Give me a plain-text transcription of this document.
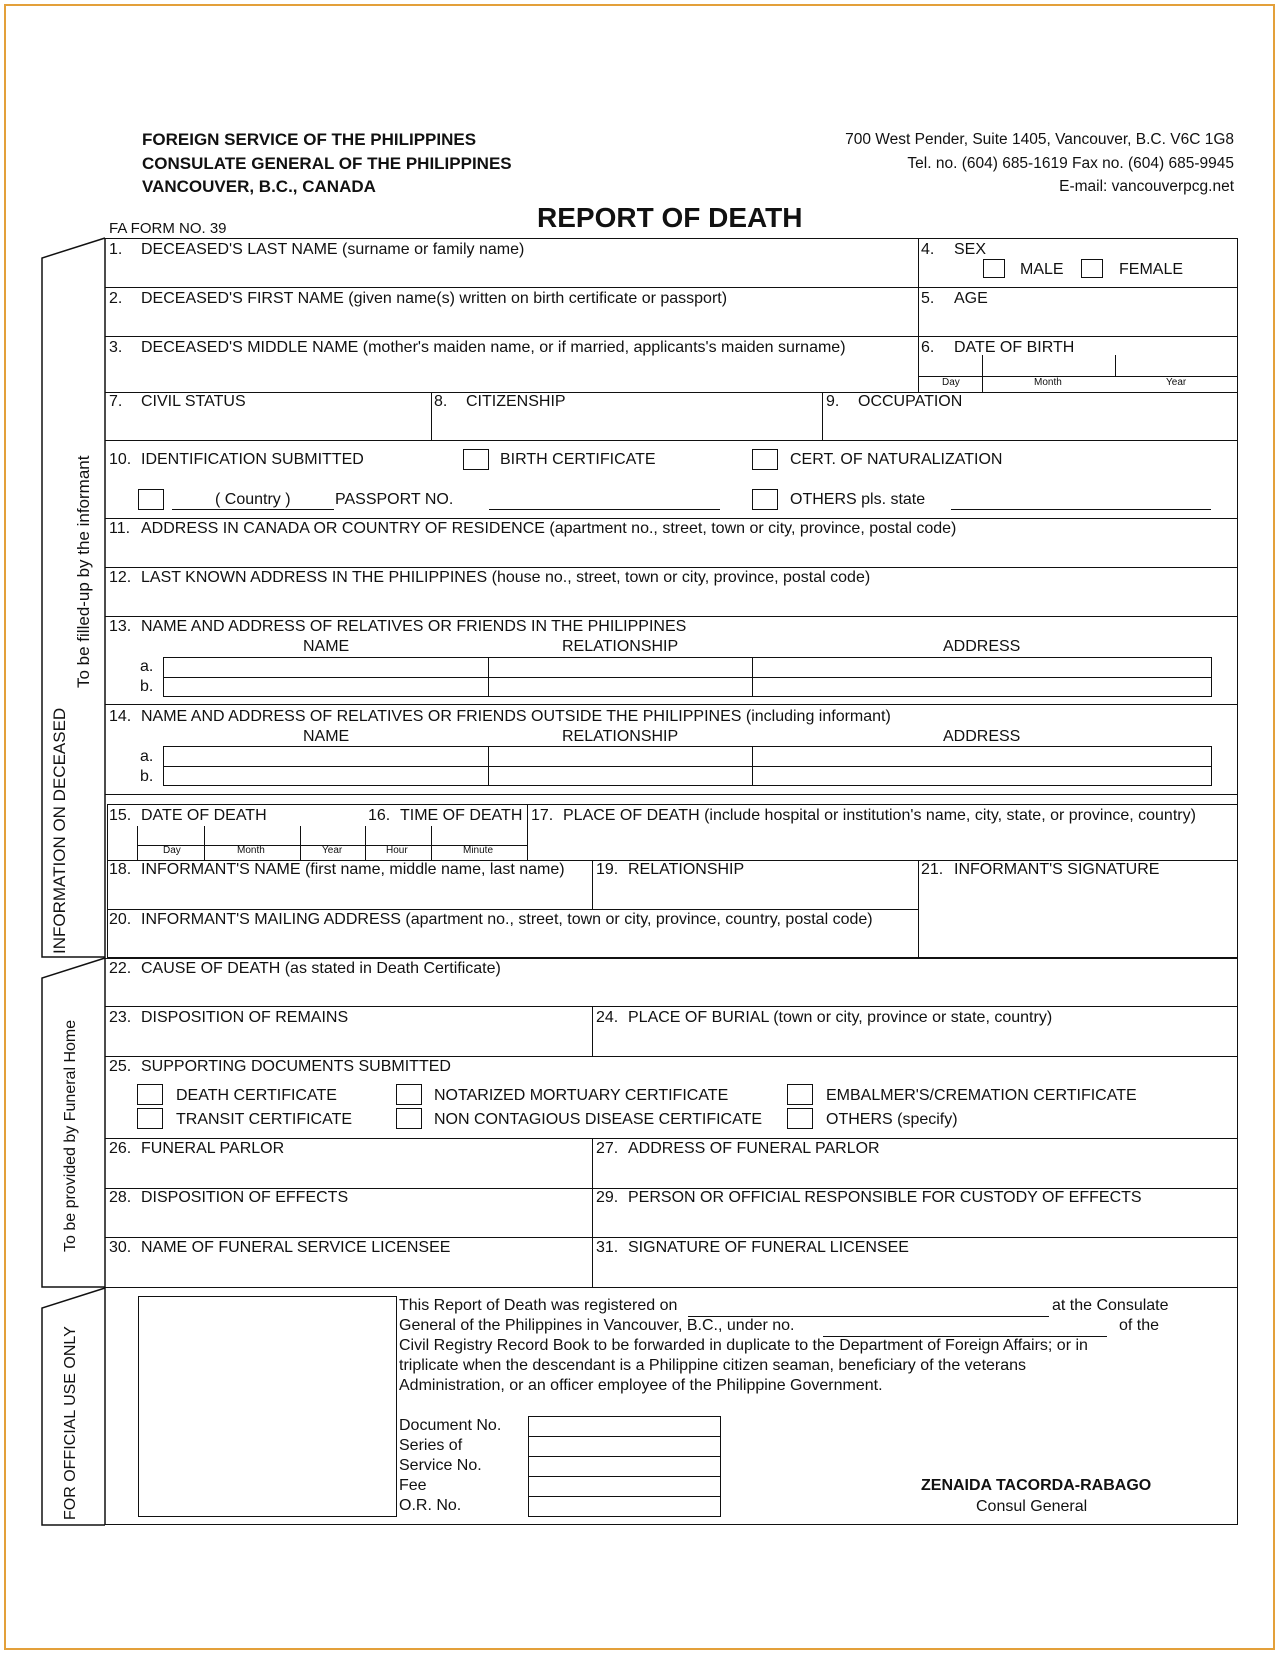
FOREIGN SERVICE OF THE PHILIPPINES
CONSULATE GENERAL OF THE PHILIPPINES
VANCOUVER, B.C., CANADA
700 West Pender, Suite 1405, Vancouver, B.C. V6C 1G8
Tel. no. (604) 685-1619 Fax no. (604) 685-9945
E-mail: vancouverpcg.net
FA FORM NO. 39	REPORT OF DEATH
INFORMATION ON DECEASED
To be filled-up by the informant
To be provided by Funeral Home
FOR OFFICIAL USE ONLY
1. DECEASED'S LAST NAME (surname or family name)	4. SEX
MALE	FEMALE
2. DECEASED'S FIRST NAME (given name(s) written on birth certificate or passport)	5. AGE
3. DECEASED'S MIDDLE NAME (mother's maiden name, or if married, applicants's maiden surname)	6. DATE OF BIRTH
Day	Month	Year
7. CIVIL STATUS	8. CITIZENSHIP	9. OCCUPATION
10. IDENTIFICATION SUBMITTED	BIRTH CERTIFICATE	CERT. OF NATURALIZATION
( Country )	PASSPORT NO.	OTHERS pls. state
11. ADDRESS IN CANADA OR COUNTRY OF RESIDENCE (apartment no., street, town or city, province, postal code)
12. LAST KNOWN ADDRESS IN THE PHILIPPINES (house no., street, town or city, province, postal code)
13. NAME AND ADDRESS OF RELATIVES OR FRIENDS IN THE PHILIPPINES
NAME	RELATIONSHIP	ADDRESS
a.
b.
14. NAME AND ADDRESS OF RELATIVES OR FRIENDS OUTSIDE THE PHILIPPINES (including informant)
NAME	RELATIONSHIP	ADDRESS
a.
b.
15. DATE OF DEATH	16. TIME OF DEATH 17. PLACE OF DEATH (include hospital or institution's name, city, state, or province, country)
Day	Month	Year	Hour	Minute
18. INFORMANT'S NAME (first name, middle name, last name) 19. RELATIONSHIP	21. INFORMANT'S SIGNATURE
20. INFORMANT'S MAILING ADDRESS (apartment no., street, town or city, province, country, postal code)
22. CAUSE OF DEATH (as stated in Death Certificate)
23. DISPOSITION OF REMAINS	24. PLACE OF BURIAL (town or city, province or state, country)
25. SUPPORTING DOCUMENTS SUBMITTED
DEATH CERTIFICATE	NOTARIZED MORTUARY CERTIFICATE	EMBALMER'S/CREMATION CERTIFICATE
TRANSIT CERTIFICATE	NON CONTAGIOUS DISEASE CERTIFICATE	OTHERS (specify)
26. FUNERAL PARLOR	27. ADDRESS OF FUNERAL PARLOR
28. DISPOSITION OF EFFECTS	29. PERSON OR OFFICIAL RESPONSIBLE FOR CUSTODY OF EFFECTS
30. NAME OF FUNERAL SERVICE LICENSEE	31. SIGNATURE OF FUNERAL LICENSEE
This Report of Death was registered on	at the Consulate
General of the Philippines in Vancouver, B.C., under no.	of the
Civil Registry Record Book to be forwarded in duplicate to the Department of Foreign Affairs; or in
triplicate when the descendant is a Philippine citizen seaman, beneficiary of the veterans
Administration, or an officer employee of the Philippine Government.
Document No.
Series of
Service No.
Fee
O.R. No.
ZENAIDA TACORDA-RABAGO
Consul General
